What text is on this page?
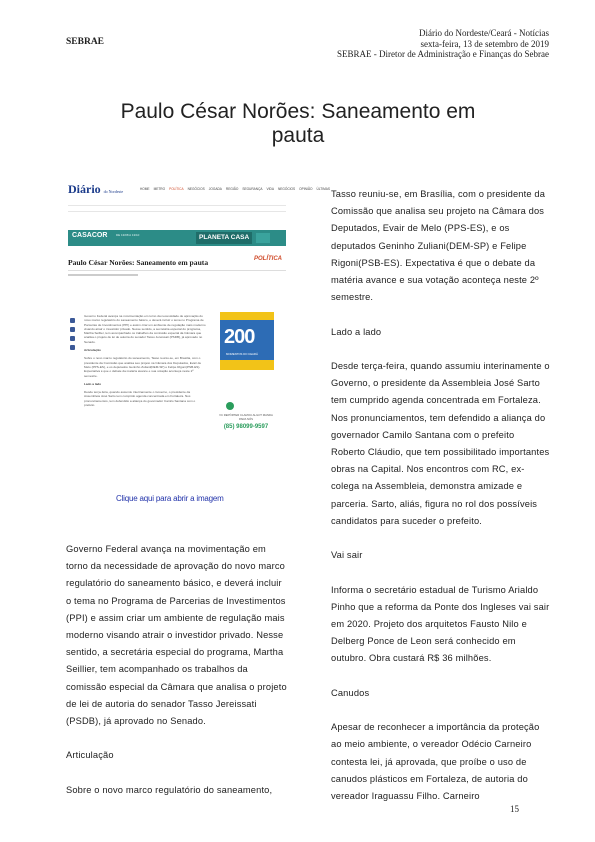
SEBRAE
Diário do Nordeste/Ceará - Notícias
sexta-feira, 13 de setembro de 2019
SEBRAE - Diretor de Administração e Finanças do Sebrae
Paulo César Norões: Saneamento em
pauta
Diário do Nordeste	HOME METRO POLÍTICA NEGÓCIOS JOGADA REGIÃO SEGURANÇA VIDA NEGÓCIOS OPINIÃO ÚLTIMAS
CASACOR	DE 13/08 A 13/10	PLANETA CASA
Paulo César Norões: Saneamento em pauta	POLÍTICA

Governo Federal avança na movimentação em torno da necessidade de aprovação do novo marco regulatório do saneamento básico, e deverá incluir o tema no Programa de Parcerias de Investimentos (PPI) e assim criar um ambiente de regulação mais moderno visando atrair o investidor privado. Nesse sentido, a secretária especial do programa, Martha Seillier, tem acompanhado os trabalhos da comissão especial da Câmara que analisa o projeto de lei de autoria do senador Tasso Jereissati (PSDB), já aprovado no Senado.

Articulação

Sobre o novo marco regulatório do saneamento, Tasso reuniu-se, em Brasília, com o presidente da Comissão que analisa seu projeto na Câmara dos Deputados, Evair de Melo (PPS-ES), e os deputados Geninho Zuliani(DEM-SP) e Felipe Rigoni(PSB-ES). Expectativa é que o debate da matéria avance e sua votação aconteça neste 2º semestre.

Lado a lado

Desde terça-feira, quando assumiu interinamente o Governo, o presidente da Assembleia José Sarto tem cumprido agenda concentrada em Fortaleza. Nos pronunciamentos, tem defendido a aliança do governador Camilo Santana com o prefeito

200
MOMENTOS DO CEARÁ
VC REPÓRTER CLAMOU ALGO? MANDA PARA NÓS
(85) 98099-9597
Clique aqui para abrir a imagem

Governo Federal avança na movimentação em torno da necessidade de aprovação do novo marco regulatório do saneamento básico, e deverá incluir o tema no Programa de Parcerias de Investimentos (PPI) e assim criar um ambiente de regulação mais moderno visando atrair o investidor privado. Nesse sentido, a secretária especial do programa, Martha Seillier, tem acompanhado os trabalhos da comissão especial da Câmara que analisa o projeto de lei de autoria do senador Tasso Jereissati (PSDB), já aprovado no Senado.

Articulação

Sobre o novo marco regulatório do saneamento,

Tasso reuniu-se, em Brasília, com o presidente da Comissão que analisa seu projeto na Câmara dos Deputados, Evair de Melo (PPS-ES), e os deputados Geninho Zuliani(DEM-SP) e Felipe Rigoni(PSB-ES). Expectativa é que o debate da matéria avance e sua votação aconteça neste 2º semestre.

Lado a lado

Desde terça-feira, quando assumiu interinamente o Governo, o presidente da Assembleia José Sarto tem cumprido agenda concentrada em Fortaleza. Nos pronunciamentos, tem defendido a aliança do governador Camilo Santana com o prefeito Roberto Cláudio, que tem possibilitado importantes obras na Capital. Nos encontros com RC, ex-colega na Assembleia, demonstra amizade e parceria. Sarto, aliás, figura no rol dos possíveis candidatos para suceder o prefeito.

Vai sair

Informa o secretário estadual de Turismo Arialdo Pinho que a reforma da Ponte dos Ingleses vai sair em 2020. Projeto dos arquitetos Fausto Nilo e Delberg Ponce de Leon será conhecido em outubro. Obra custará R$ 36 milhões.

Canudos

Apesar de reconhecer a importância da proteção ao meio ambiente, o vereador Odécio Carneiro contesta lei, já aprovada, que proíbe o uso de canudos plásticos em Fortaleza, de autoria do vereador Iraguassu Filho. Carneiro

15
